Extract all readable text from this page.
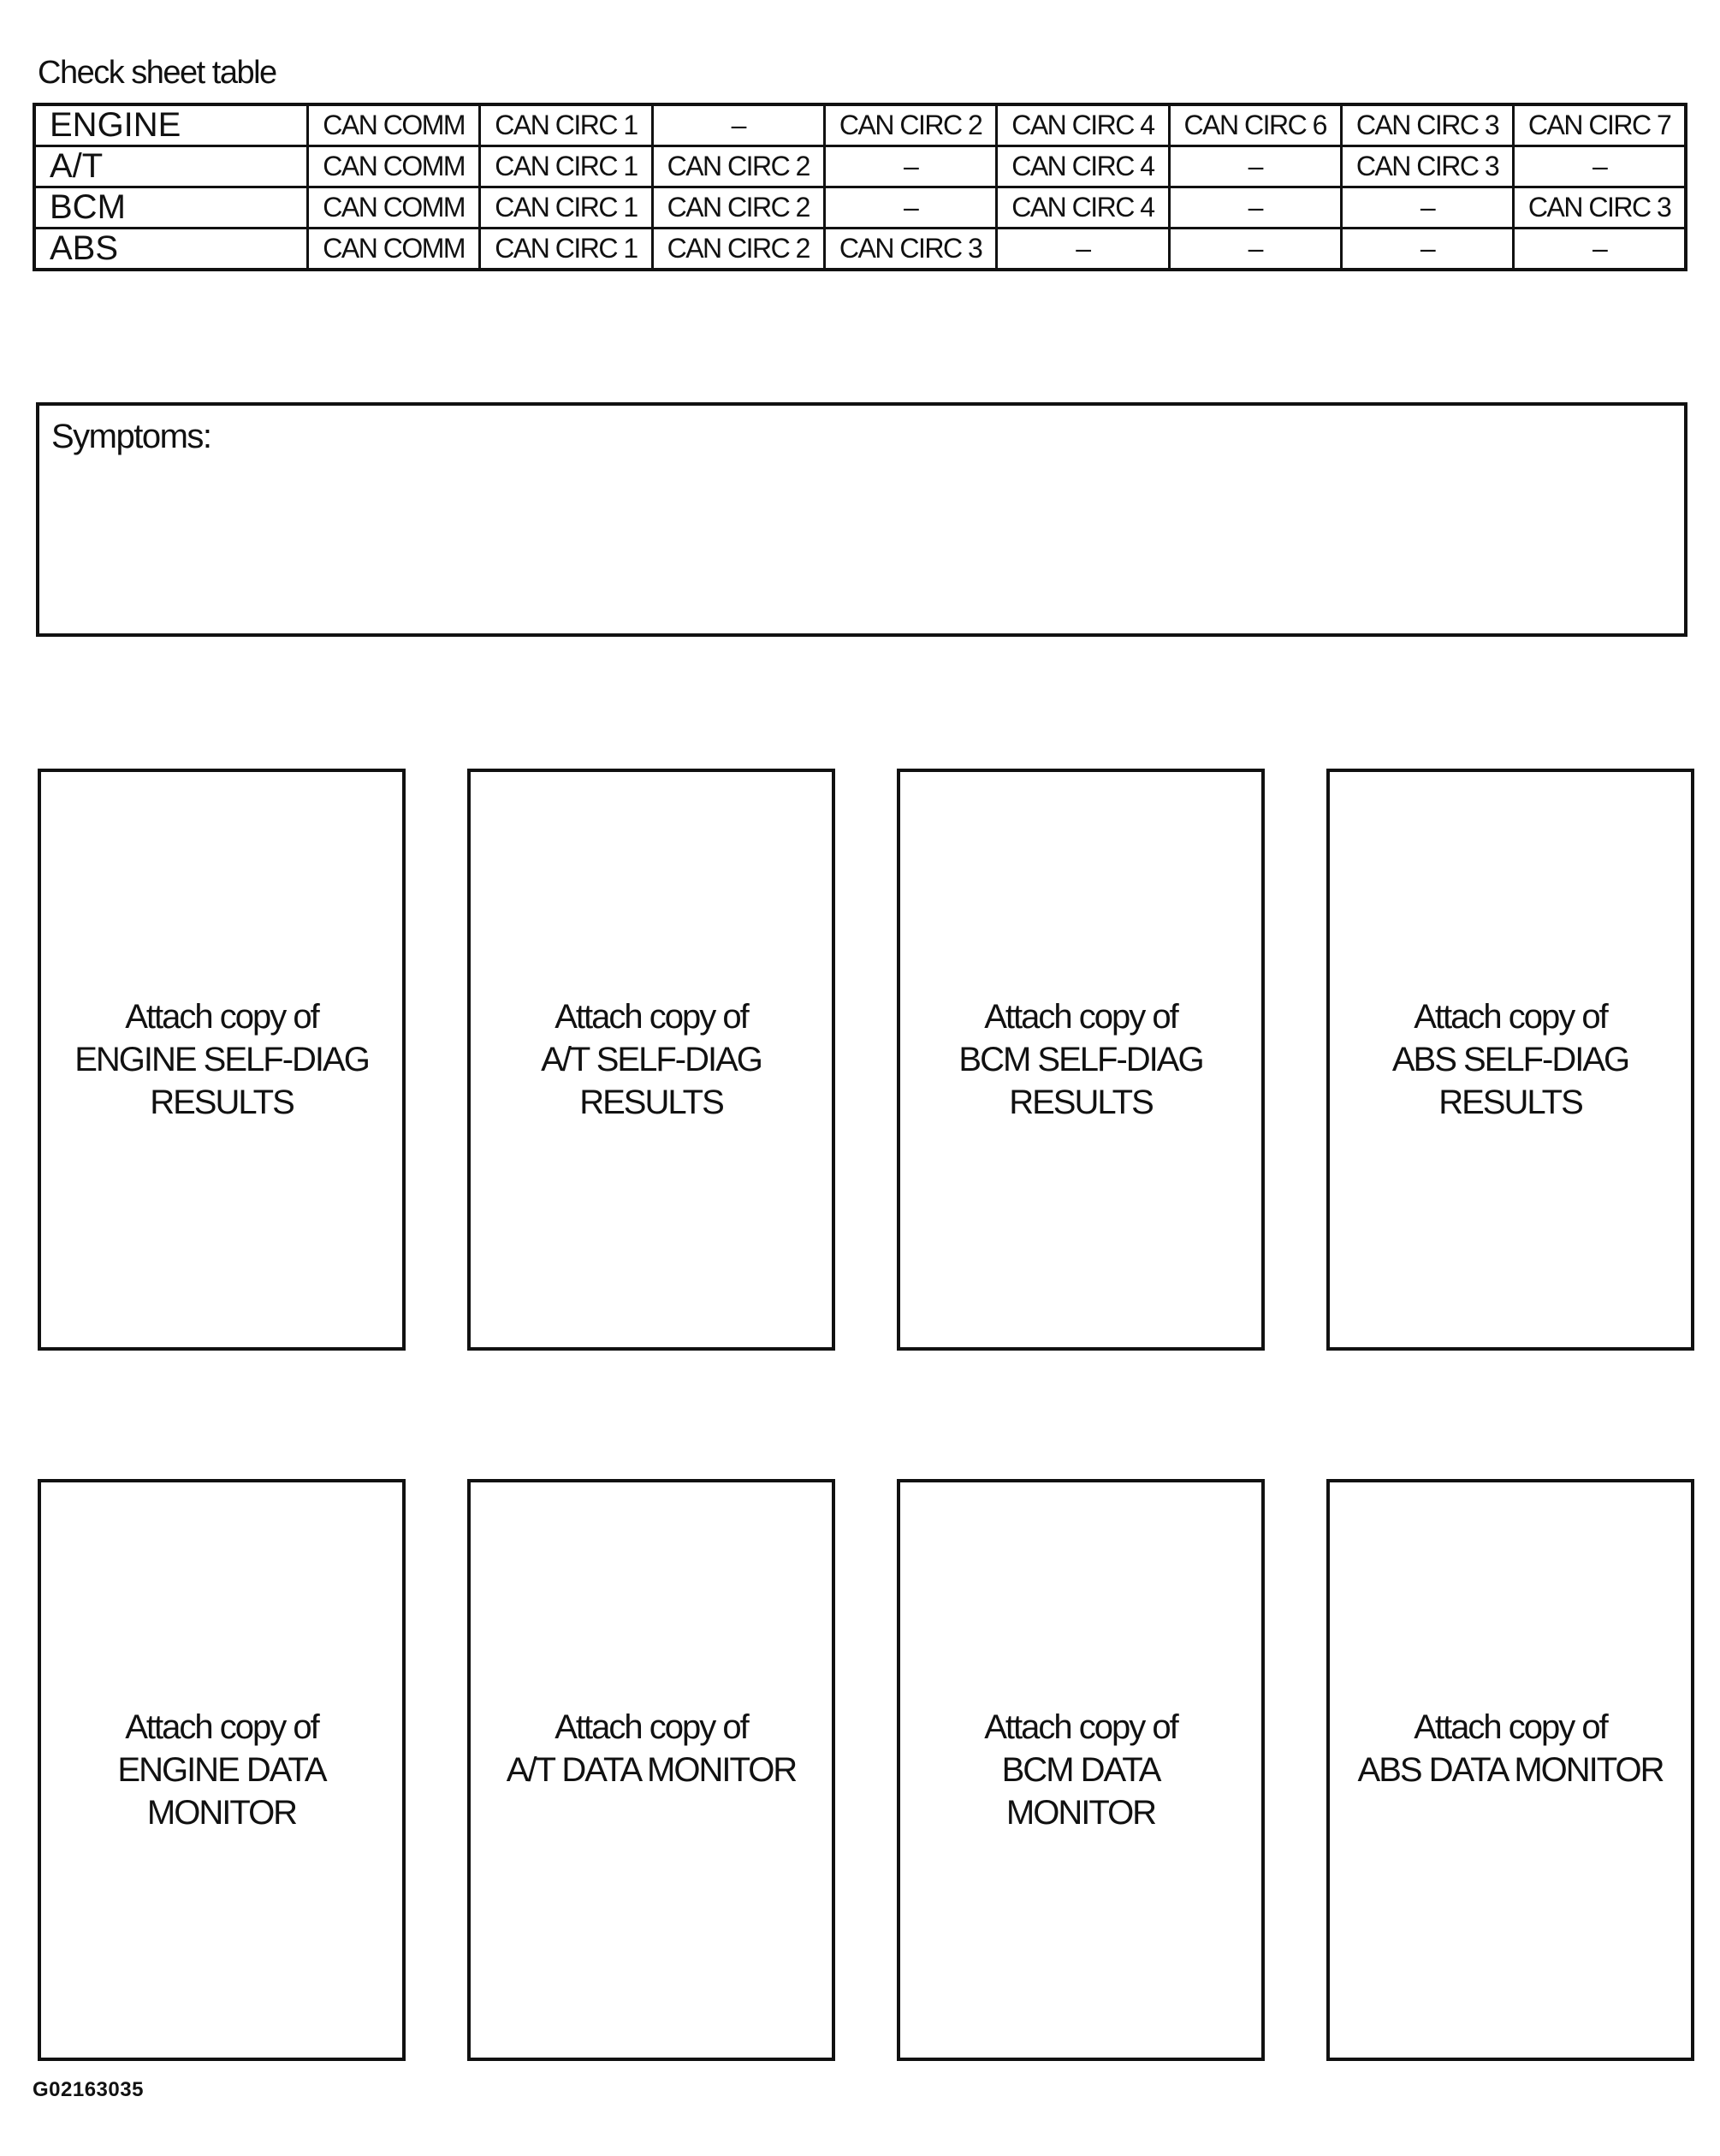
Check sheet table
ENGINE	CAN COMM	CAN CIRC 1	–	CAN CIRC 2	CAN CIRC 4	CAN CIRC 6	CAN CIRC 3	CAN CIRC 7
A/T	CAN COMM	CAN CIRC 1	CAN CIRC 2	–	CAN CIRC 4	–	CAN CIRC 3	–
BCM	CAN COMM	CAN CIRC 1	CAN CIRC 2	–	CAN CIRC 4	–	–	CAN CIRC 3
ABS	CAN COMM	CAN CIRC 1	CAN CIRC 2	CAN CIRC 3	–	–	–	–
Symptoms:
Attach copy of
ENGINE SELF-DIAG
RESULTS
Attach copy of
A/T SELF-DIAG
RESULTS
Attach copy of
BCM SELF-DIAG
RESULTS
Attach copy of
ABS SELF-DIAG
RESULTS
Attach copy of
ENGINE DATA
MONITOR
Attach copy of
A/T DATA MONITOR

Attach copy of
BCM DATA
MONITOR
Attach copy of
ABS DATA MONITOR

G02163035
